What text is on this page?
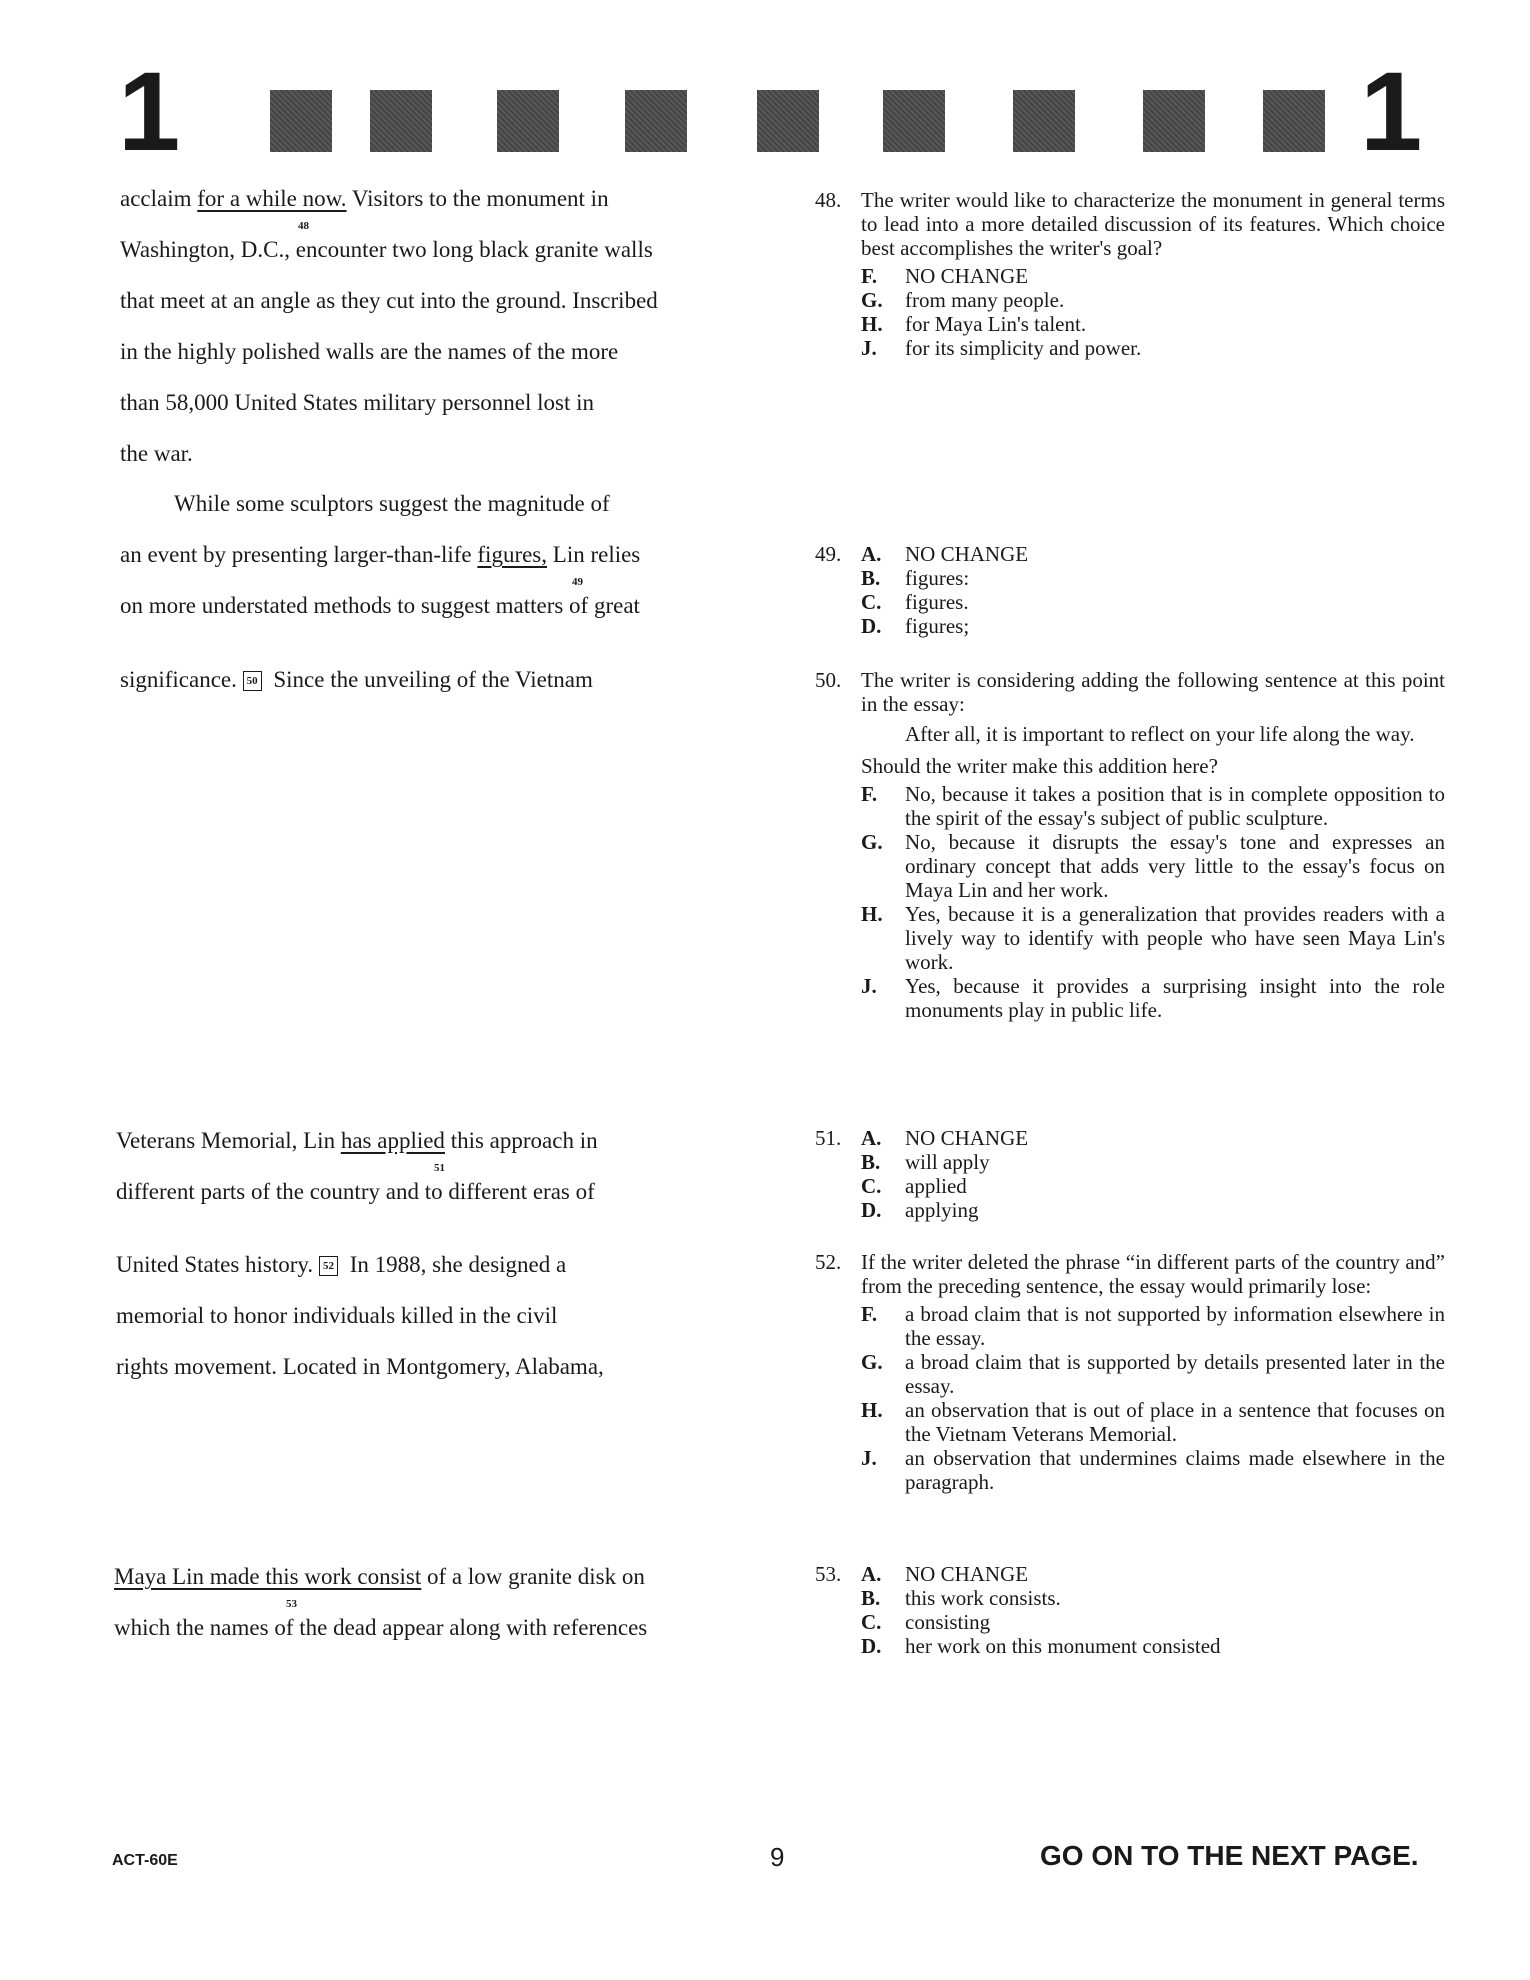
1	1
acclaim for a while now. Visitors to the monument in
48
Washington, D.C., encounter two long black granite walls
that meet at an angle as they cut into the ground. Inscribed
in the highly polished walls are the names of the more
than 58,000 United States military personnel lost in
the war.
While some sculptors suggest the magnitude of
an event by presenting larger-than-life figures, Lin relies
49
on more understated methods to suggest matters of great
significance. 50 Since the unveiling of the Vietnam
Veterans Memorial, Lin has applied this approach in
51
different parts of the country and to different eras of
United States history. 52 In 1988, she designed a
memorial to honor individuals killed in the civil
rights movement. Located in Montgomery, Alabama,
Maya Lin made this work consist of a low granite disk on
53
which the names of the dead appear along with references
48. The writer would like to characterize the monument in general terms to lead into a more detailed discussion of its features. Which choice best accomplishes the writer's goal?
F. NO CHANGE
G. from many people.
H. for Maya Lin's talent.
J. for its simplicity and power.
49. A. NO CHANGE
B. figures:
C. figures.
D. figures;
50. The writer is considering adding the following sentence at this point in the essay:
After all, it is important to reflect on your life along the way.
Should the writer make this addition here?
F. No, because it takes a position that is in complete opposition to the spirit of the essay's subject of public sculpture.
G. No, because it disrupts the essay's tone and expresses an ordinary concept that adds very little to the essay's focus on Maya Lin and her work.
H. Yes, because it is a generalization that provides readers with a lively way to identify with people who have seen Maya Lin's work.
J. Yes, because it provides a surprising insight into the role monuments play in public life.
51. A. NO CHANGE
B. will apply
C. applied
D. applying
52. If the writer deleted the phrase “in different parts of the country and” from the preceding sentence, the essay would primarily lose:
F. a broad claim that is not supported by information elsewhere in the essay.
G. a broad claim that is supported by details presented later in the essay.
H. an observation that is out of place in a sentence that focuses on the Vietnam Veterans Memorial.
J. an observation that undermines claims made elsewhere in the paragraph.
53. A. NO CHANGE
B. this work consists.
C. consisting
D. her work on this monument consisted
ACT-60E	9	GO ON TO THE NEXT PAGE.
